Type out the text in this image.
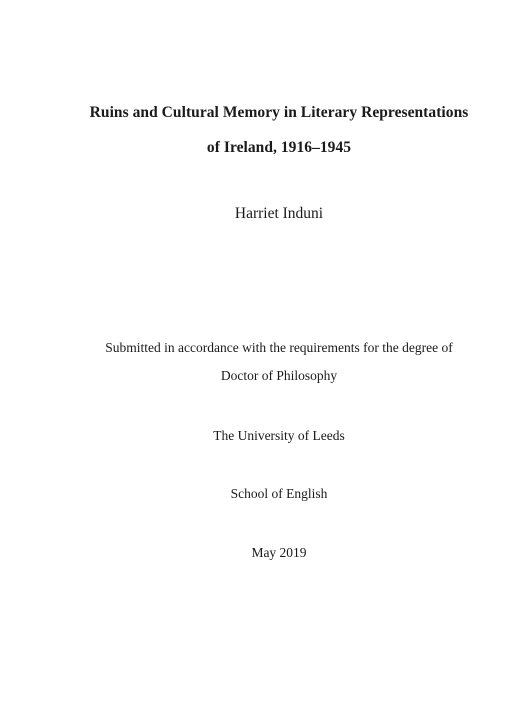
Ruins and Cultural Memory in Literary Representations
of Ireland, 1916–1945
Harriet Induni
Submitted in accordance with the requirements for the degree of
Doctor of Philosophy
The University of Leeds
School of English
May 2019
